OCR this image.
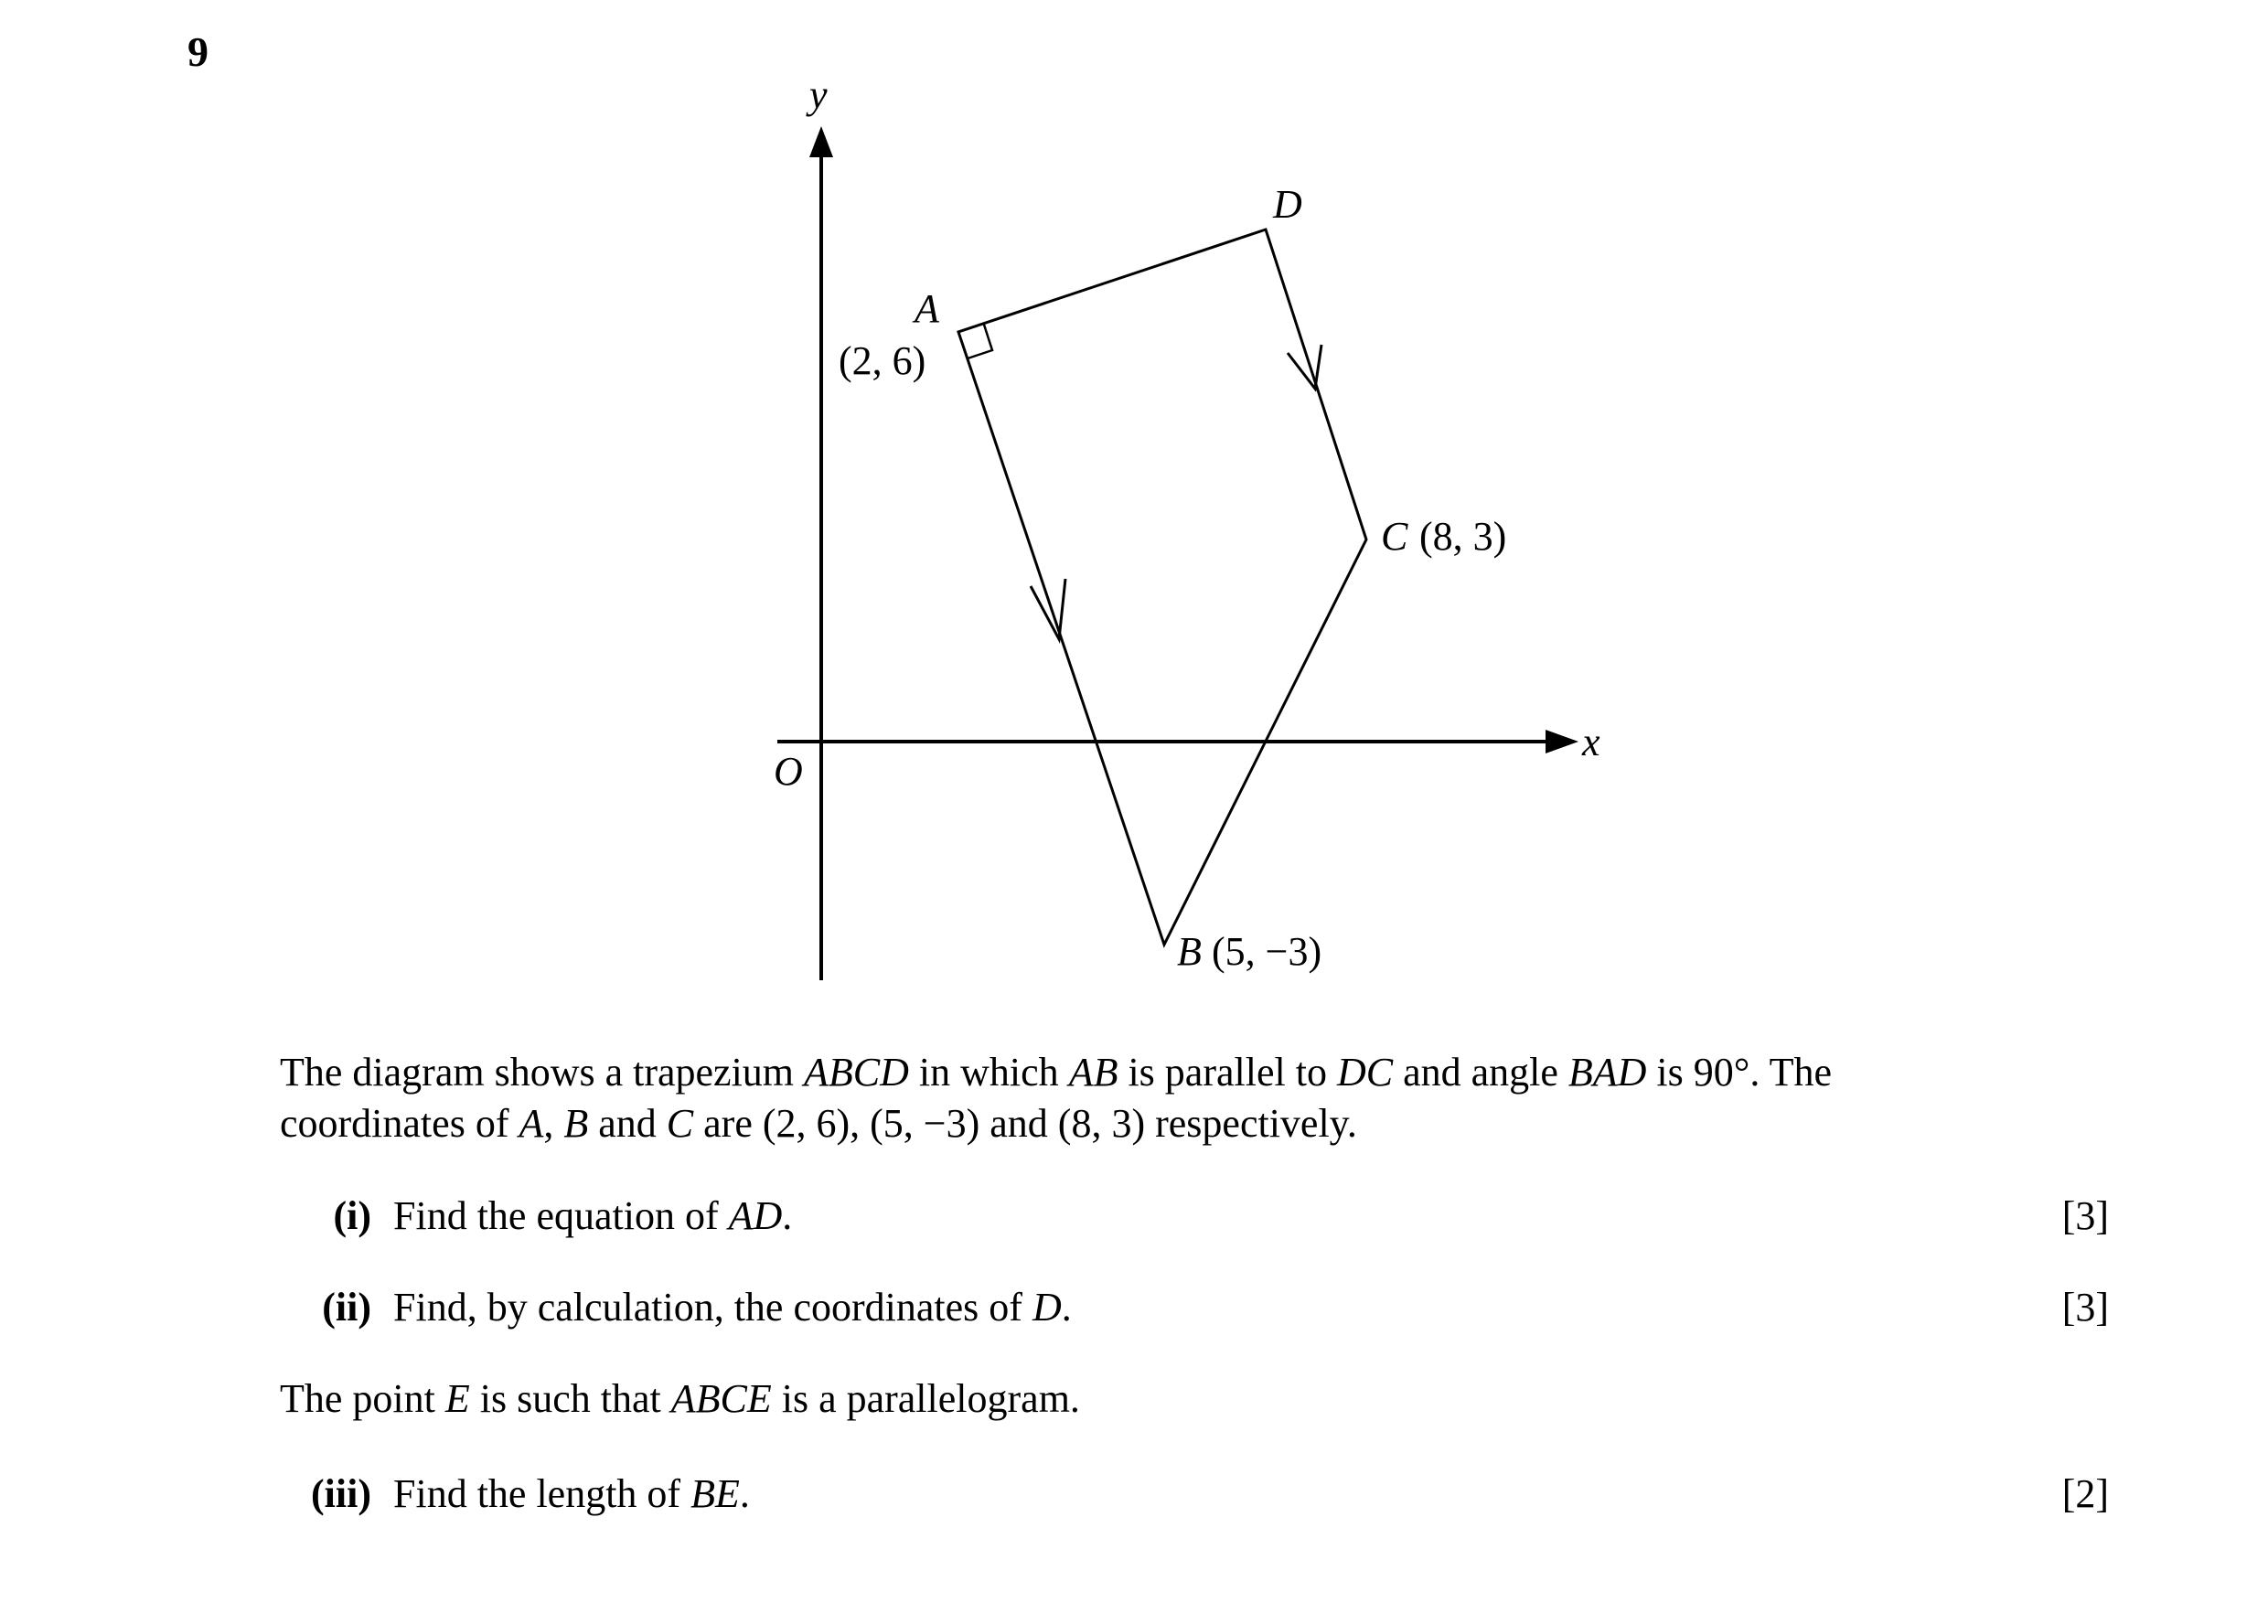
9
y
x
O
A
(2, 6)
D
C (8, 3)
B (5, −3)
The diagram shows a trapezium ABCD in which AB is parallel to DC and angle BAD is 90°. The
coordinates of A, B and C are (2, 6), (5, −3) and (8, 3) respectively.
(i) Find the equation of AD.	[3]
(ii) Find, by calculation, the coordinates of D.	[3]
The point E is such that ABCE is a parallelogram.
(iii) Find the length of BE.	[2]
